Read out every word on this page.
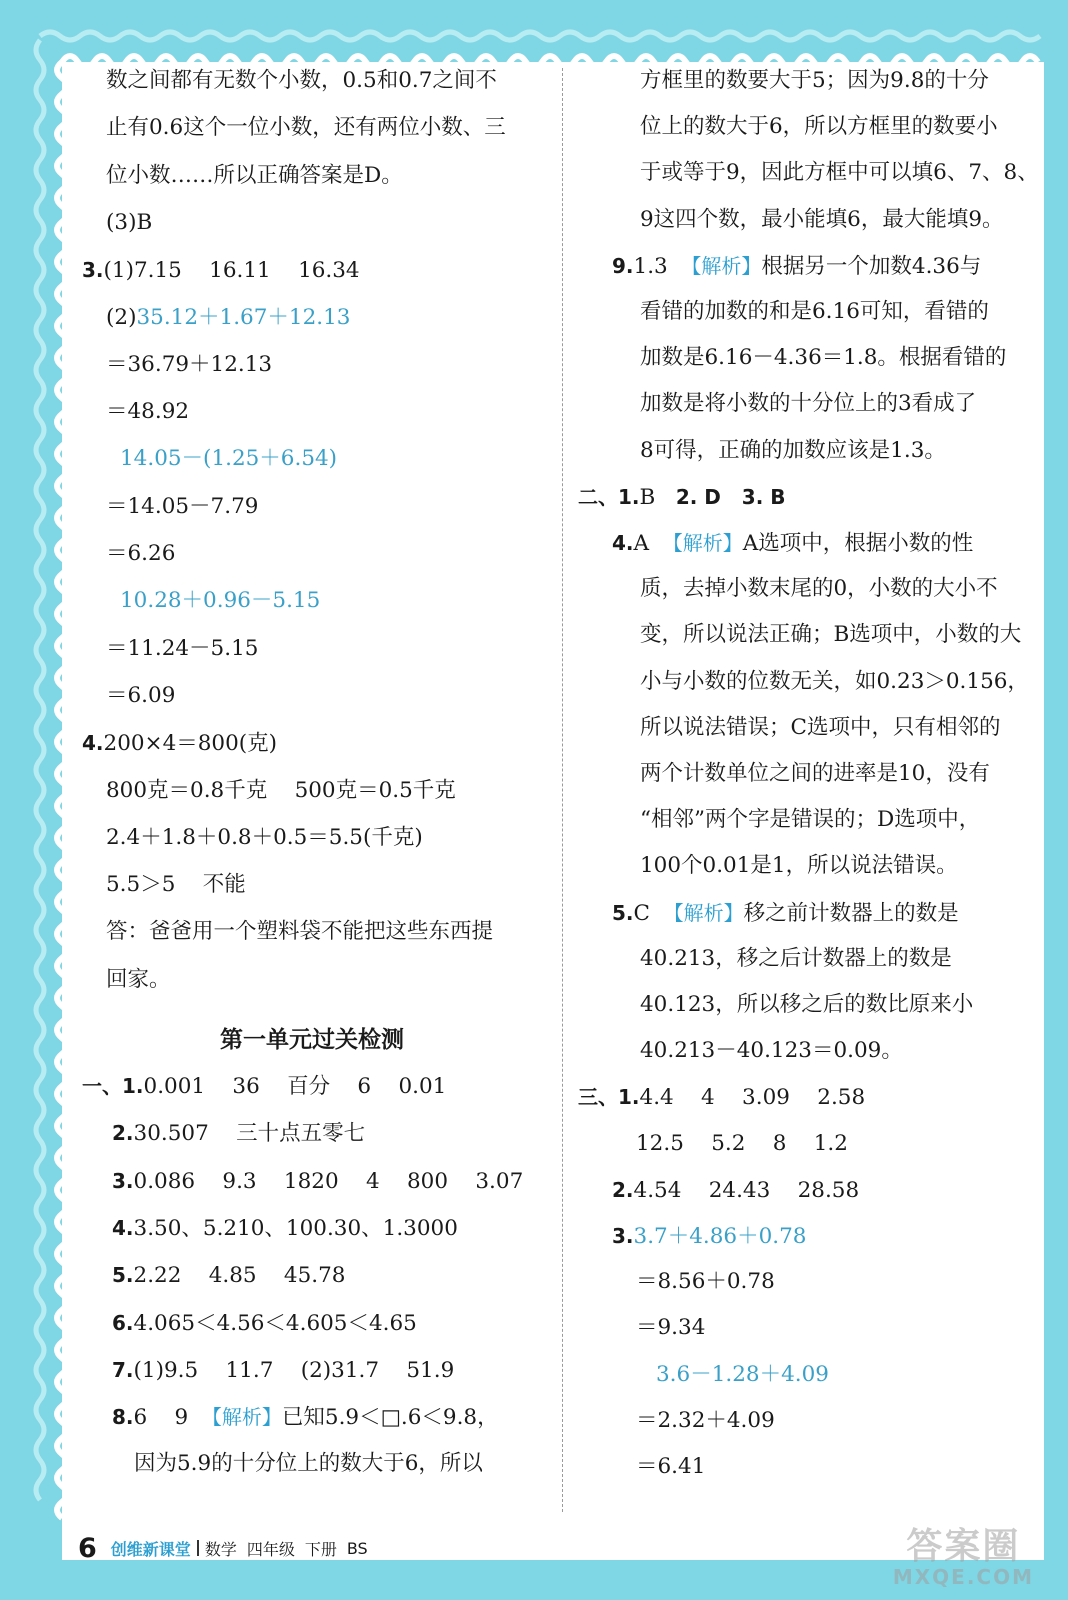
数之间都有无数个小数，0.5和0.7之间不
止有0.6这个一位小数，还有两位小数、三
位小数……所以正确答案是D。
(3)B
3.(1)7.15    16.11    16.34
(2)35.12＋1.67＋12.13
＝36.79＋12.13
＝48.92
14.05－(1.25＋6.54)
＝14.05－7.79
＝6.26
10.28＋0.96－5.15
＝11.24－5.15
＝6.09
4.200×4＝800(克)
800克＝0.8千克    500克＝0.5千克
2.4＋1.8＋0.8＋0.5＝5.5(千克)
5.5＞5    不能
答：爸爸用一个塑料袋不能把这些东西提
回家。
一、1.0.001    36    百分    6    0.01
2.30.507    三十点五零七
3.0.086    9.3    1820    4    800    3.07
4.3.50、5.210、100.30、1.3000
5.2.22    4.85    45.78
6.4.065＜4.56＜4.605＜4.65
7.(1)9.5    11.7    (2)31.7    51.9
8.6    9  【解析】已知5.9＜□.6＜9.8，
因为5.9的十分位上的数大于6，所以
第一单元过关检测
方框里的数要大于5；因为9.8的十分
位上的数大于6，所以方框里的数要小
于或等于9，因此方框中可以填6、7、8、
9这四个数，最小能填6，最大能填9。
9.1.3  【解析】根据另一个加数4.36与
看错的加数的和是6.16可知，看错的
加数是6.16－4.36＝1.8。根据看错的
加数是将小数的十分位上的3看成了
8可得，正确的加数应该是1.3。
二、1.B   2. D   3. B
4.A  【解析】A选项中，根据小数的性
质，去掉小数末尾的0，小数的大小不
变，所以说法正确；B选项中，小数的大
小与小数的位数无关，如0.23＞0.156，
所以说法错误；C选项中，只有相邻的
两个计数单位之间的进率是10，没有
“相邻”两个字是错误的；D选项中，
100个0.01是1，所以说法错误。
5.C  【解析】移之前计数器上的数是
40.213，移之后计数器上的数是
40.123，所以移之后的数比原来小
40.213－40.123＝0.09。
三、1.4.4    4    3.09    2.58
12.5    5.2    8    1.2
2.4.54    24.43    28.58
3.3.7＋4.86＋0.78
＝8.56＋0.78
＝9.34
3.6－1.28＋4.09
＝2.32＋4.09
＝6.41
6 创维新课堂 数学 四年级 下册 BS	答案圈
MXQE.COM
